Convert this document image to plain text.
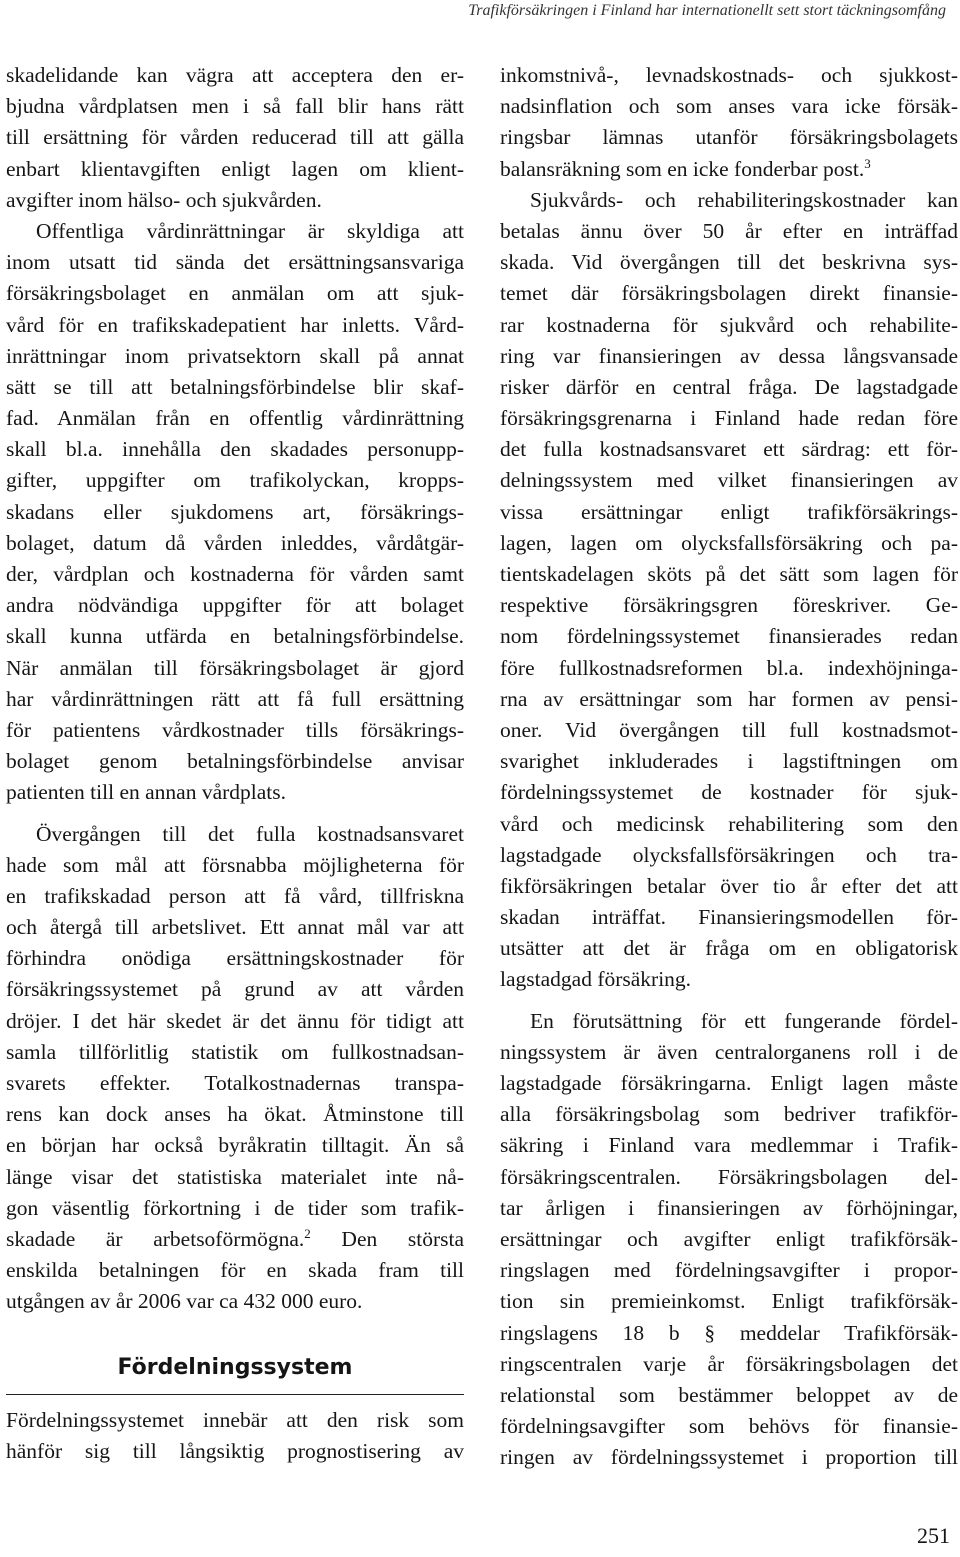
Trafikförsäkringen i Finland har internationellt sett stort täckningsomfång
skadelidande kan vägra att acceptera den er-
bjudna vårdplatsen men i så fall blir hans rätt
till ersättning för vården reducerad till att gälla
enbart klientavgiften enligt lagen om klient-
avgifter inom hälso- och sjukvården.
Offentliga vårdinrättningar är skyldiga att
inom utsatt tid sända det ersättningsansvariga
försäkringsbolaget en anmälan om att sjuk-
vård för en trafikskadepatient har inletts. Vård-
inrättningar inom privatsektorn skall på annat
sätt se till att betalningsförbindelse blir skaf-
fad. Anmälan från en offentlig vårdinrättning
skall bl.a. innehålla den skadades personupp-
gifter, uppgifter om trafikolyckan, kropps-
skadans eller sjukdomens art, försäkrings-
bolaget, datum då vården inleddes, vårdåtgär-
der, vårdplan och kostnaderna för vården samt
andra nödvändiga uppgifter för att bolaget
skall kunna utfärda en betalningsförbindelse.
När anmälan till försäkringsbolaget är gjord
har vårdinrättningen rätt att få full ersättning
för patientens vårdkostnader tills försäkrings-
bolaget genom betalningsförbindelse anvisar
patienten till en annan vårdplats.
Övergången till det fulla kostnadsansvaret
hade som mål att försnabba möjligheterna för
en trafikskadad person att få vård, tillfriskna
och återgå till arbetslivet. Ett annat mål var att
förhindra onödiga ersättningskostnader för
försäkringssystemet på grund av att vården
dröjer. I det här skedet är det ännu för tidigt att
samla tillförlitlig statistik om fullkostnadsan-
svarets effekter. Totalkostnadernas transpa-
rens kan dock anses ha ökat. Åtminstone till
en början har också byråkratin tilltagit. Än så
länge visar det statistiska materialet inte nå-
gon väsentlig förkortning i de tider som trafik-
skadade är arbetsoförmögna.$^2$ Den största
enskilda betalningen för en skada fram till
utgången av år 2006 var ca 432 000 euro.
Fördelningssystem
Fördelningssystemet innebär att den risk som
hänför sig till långsiktig prognostisering av
inkomstnivå-, levnadskostnads- och sjukkost-
nadsinflation och som anses vara icke försäk-
ringsbar lämnas utanför försäkringsbolagets
balansräkning som en icke fonderbar post.$^3$
Sjukvårds- och rehabiliteringskostnader kan
betalas ännu över 50 år efter en inträffad
skada. Vid övergången till det beskrivna sys-
temet där försäkringsbolagen direkt finansie-
rar kostnaderna för sjukvård och rehabilite-
ring var finansieringen av dessa långsvansade
risker därför en central fråga. De lagstadgade
försäkringsgrenarna i Finland hade redan före
det fulla kostnadsansvaret ett särdrag: ett för-
delningssystem med vilket finansieringen av
vissa ersättningar enligt trafikförsäkrings-
lagen, lagen om olycksfallsförsäkring och pa-
tientskadelagen sköts på det sätt som lagen för
respektive försäkringsgren föreskriver. Ge-
nom fördelningssystemet finansierades redan
före fullkostnadsreformen bl.a. indexhöjninga-
rna av ersättningar som har formen av pensi-
oner. Vid övergången till full kostnadsmot-
svarighet inkluderades i lagstiftningen om
fördelningssystemet de kostnader för sjuk-
vård och medicinsk rehabilitering som den
lagstadgade olycksfallsförsäkringen och tra-
fikförsäkringen betalar över tio år efter det att
skadan inträffat. Finansieringsmodellen för-
utsätter att det är fråga om en obligatorisk
lagstadgad försäkring.
En förutsättning för ett fungerande fördel-
ningssystem är även centralorganens roll i de
lagstadgade försäkringarna. Enligt lagen måste
alla försäkringsbolag som bedriver trafikför-
säkring i Finland vara medlemmar i Trafik-
försäkringscentralen. Försäkringsbolagen del-
tar årligen i finansieringen av förhöjningar,
ersättningar och avgifter enligt trafikförsäk-
ringslagen med fördelningsavgifter i propor-
tion sin premieinkomst. Enligt trafikförsäk-
ringslagens 18 b § meddelar Trafikförsäk-
ringscentralen varje år försäkringsbolagen det
relationstal som bestämmer beloppet av de
fördelningsavgifter som behövs för finansie-
ringen av fördelningssystemet i proportion till
251
